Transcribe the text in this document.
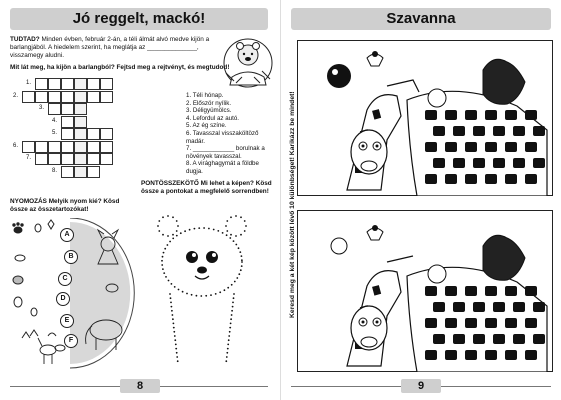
Jó reggelt, mackó!
TUDTAD? Minden évben, február 2-án, a téli álmát alvó medve kijön a
barlangjából. A hiedelem szerint, ha meglátja az ______________,
visszamegy aludni.
Mit lát meg, ha kijön a barlangból? Fejtsd meg a rejtvényt, és megtudod!
1.
2.
3.
4.
5.
6.
7.
8.
1. Téli hónap.
2. Először nyílik.
3. Déligyümölcs.
4. Lefordul az autó.
5. Az ég színe.
6. Tavasszal visszaköltöző
madár.
7. ____________ borulnak a
növények tavasszal.
8. A virághagymát a földbe
dugja.
PONTÖSSZEKÖTŐ Mi lehet a képen? Kösd össze a pontokat a megfelelő sorrendben!
NYOMOZÁS Melyik nyom kié? Kösd össze az összetartozókat!
A
B
C
D
E
F
8
Szavanna
Keresd meg a két kép között lévő 10 különbséget! Karikázz be mindet!
9
